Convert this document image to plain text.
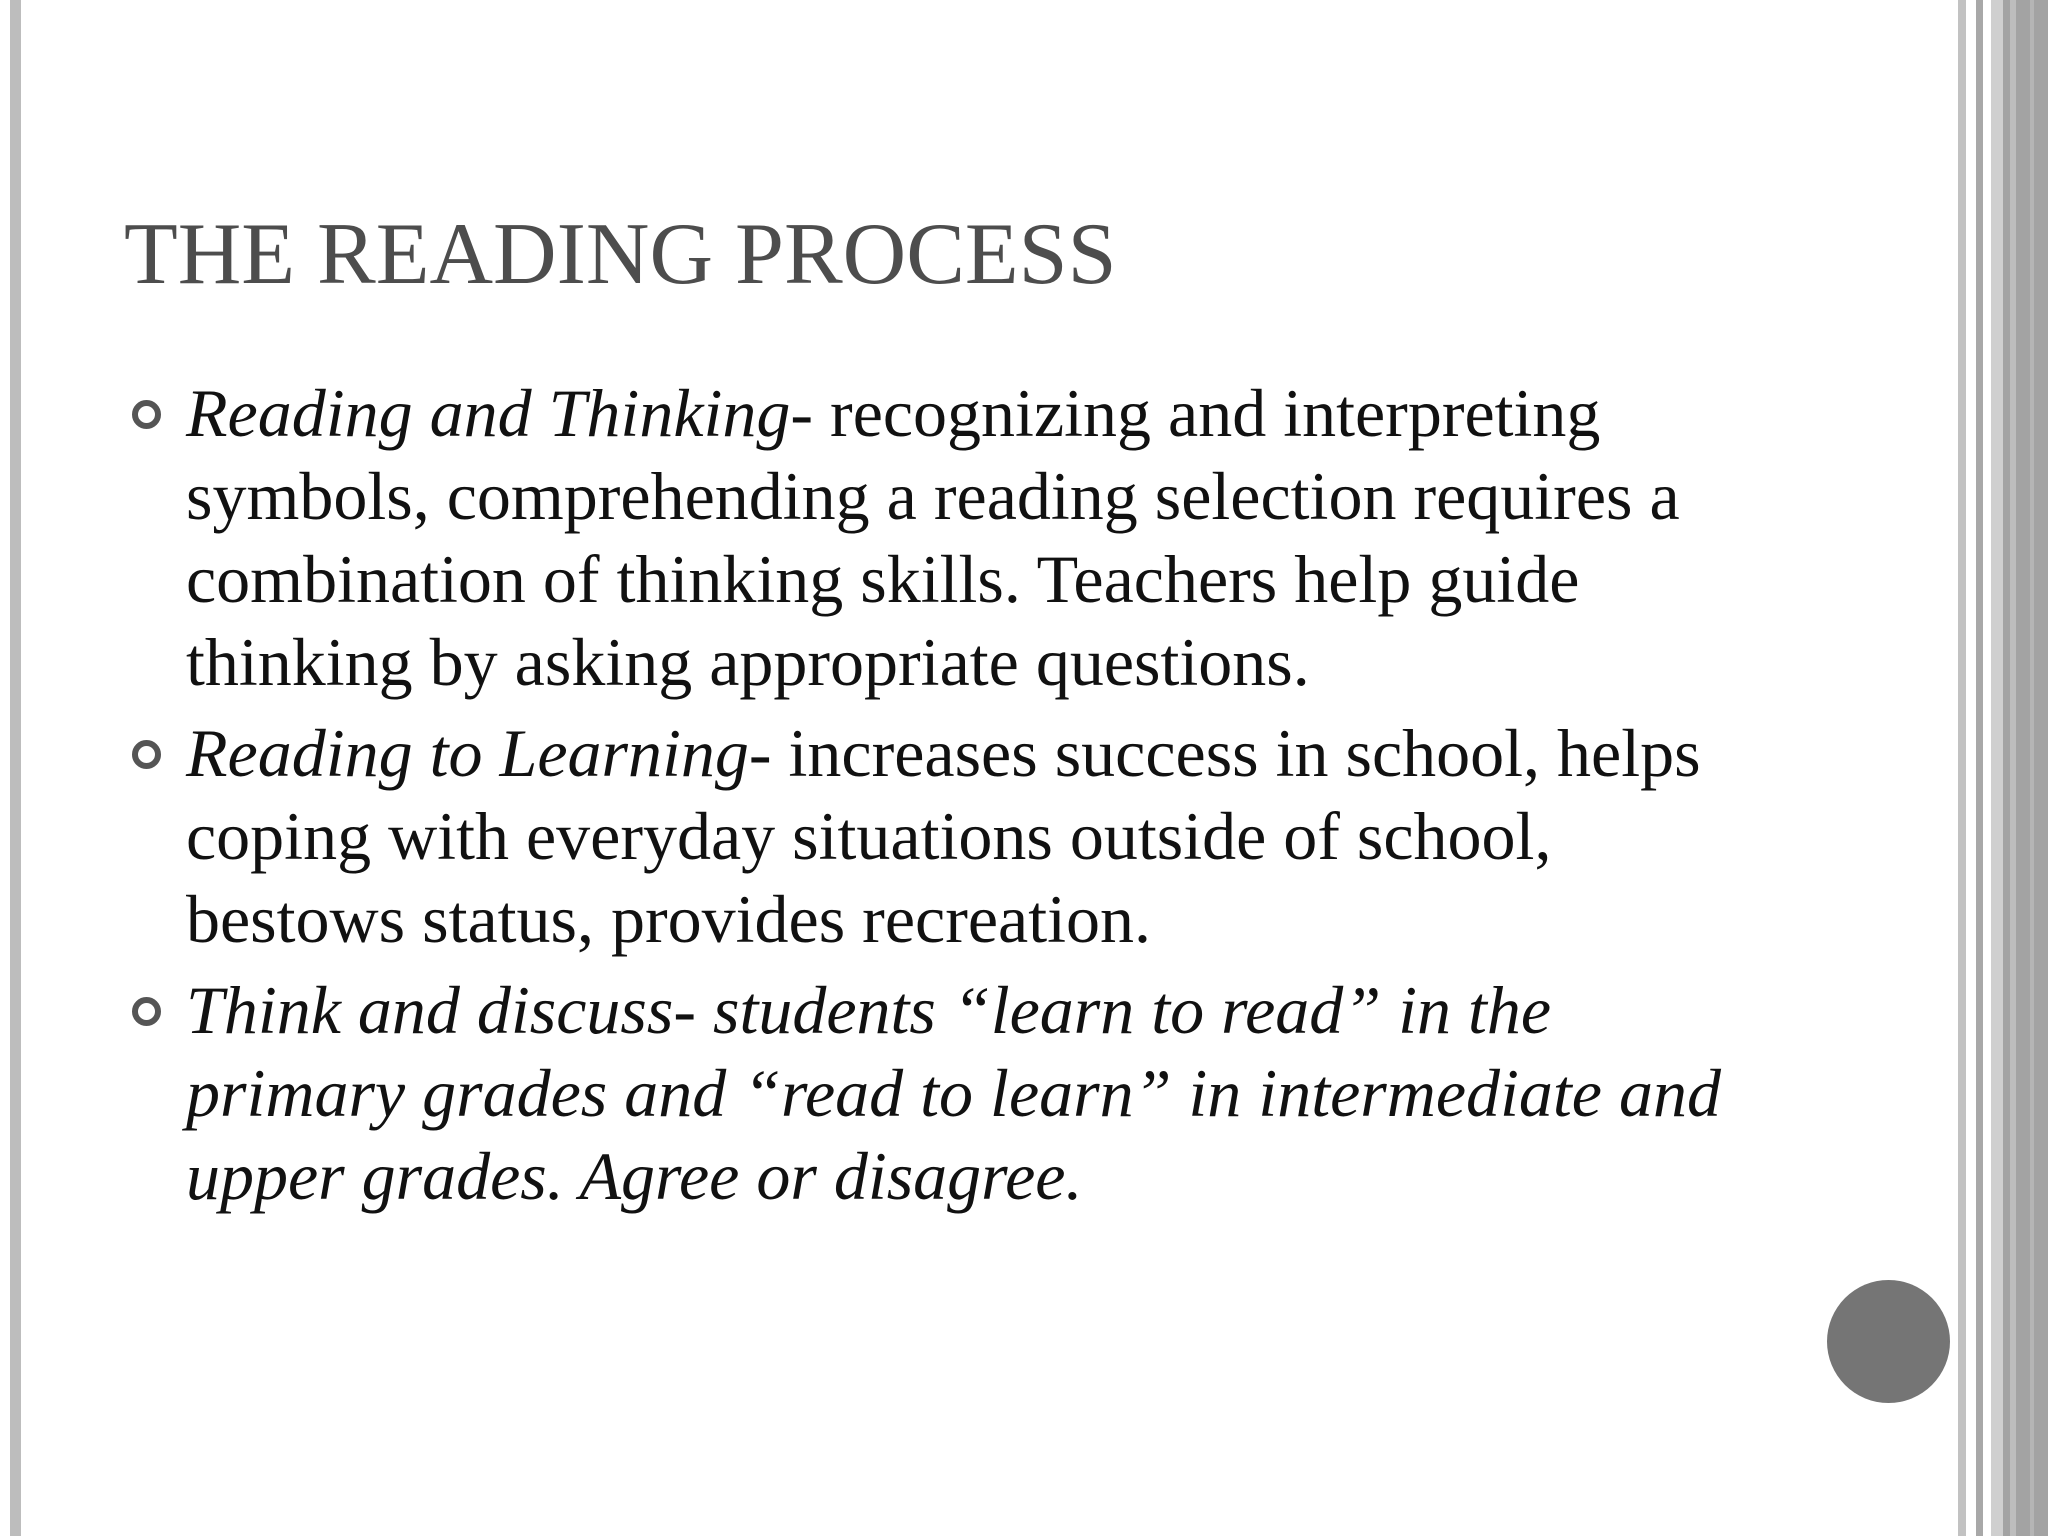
THE READING PROCESS
Reading and Thinking- recognizing and interpreting symbols, comprehending a reading selection requires a combination of thinking skills. Teachers help guide thinking by asking appropriate questions.
Reading to Learning- increases success in school, helps coping with everyday situations outside of school, bestows status, provides recreation.
Think and discuss- students “learn to read” in the primary grades and “read to learn” in intermediate and upper grades. Agree or disagree.
